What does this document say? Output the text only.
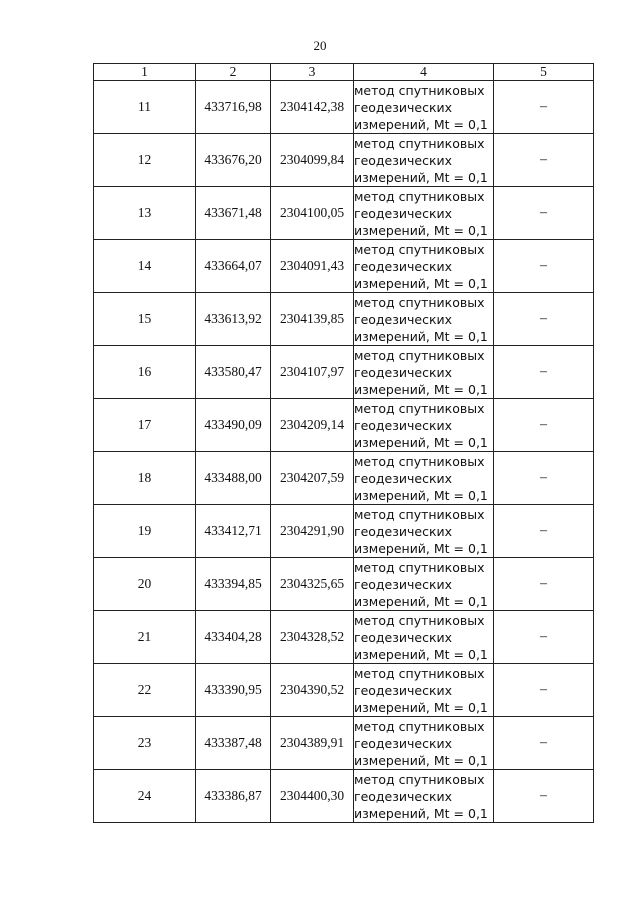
20
1	2	3	4	5
11	433716,98	2304142,38	метод спутниковых
геодезических
измерений, Mt = 0,1	–
12	433676,20	2304099,84	метод спутниковых
геодезических
измерений, Mt = 0,1	–
13	433671,48	2304100,05	метод спутниковых
геодезических
измерений, Mt = 0,1	–
14	433664,07	2304091,43	метод спутниковых
геодезических
измерений, Mt = 0,1	–
15	433613,92	2304139,85	метод спутниковых
геодезических
измерений, Mt = 0,1	–
16	433580,47	2304107,97	метод спутниковых
геодезических
измерений, Mt = 0,1	–
17	433490,09	2304209,14	метод спутниковых
геодезических
измерений, Mt = 0,1	–
18	433488,00	2304207,59	метод спутниковых
геодезических
измерений, Mt = 0,1	–
19	433412,71	2304291,90	метод спутниковых
геодезических
измерений, Mt = 0,1	–
20	433394,85	2304325,65	метод спутниковых
геодезических
измерений, Mt = 0,1	–
21	433404,28	2304328,52	метод спутниковых
геодезических
измерений, Mt = 0,1	–
22	433390,95	2304390,52	метод спутниковых
геодезических
измерений, Mt = 0,1	–
23	433387,48	2304389,91	метод спутниковых
геодезических
измерений, Mt = 0,1	–
24	433386,87	2304400,30	метод спутниковых
геодезических
измерений, Mt = 0,1	–
